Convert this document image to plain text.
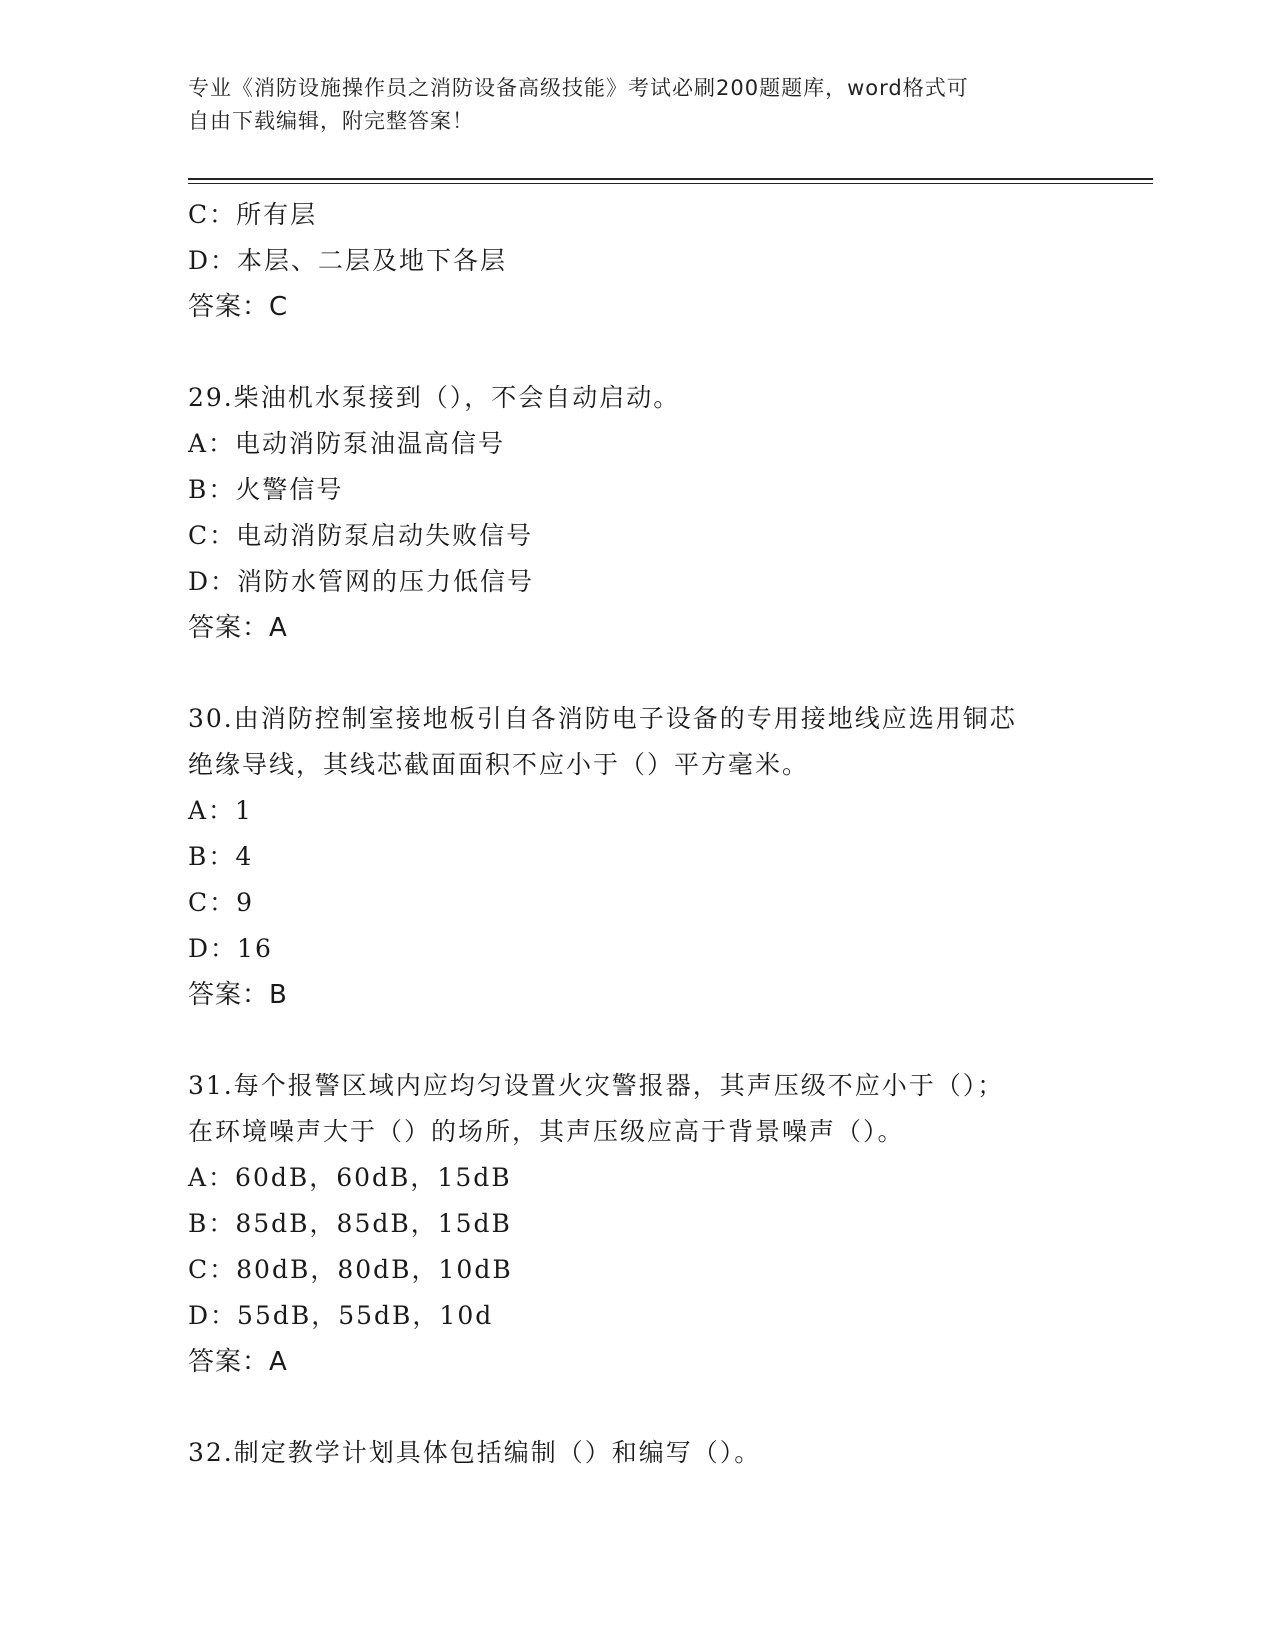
专业《消防设施操作员之消防设备高级技能》考试必刷200题题库，word格式可
自由下载编辑，附完整答案！
C：所有层
D：本层、二层及地下各层
答案：C
29.柴油机水泵接到（），不会自动启动。
A：电动消防泵油温高信号
B：火警信号
C：电动消防泵启动失败信号
D：消防水管网的压力低信号
答案：A
30.由消防控制室接地板引自各消防电子设备的专用接地线应选用铜芯
绝缘导线，其线芯截面面积不应小于（）平方毫米。
A：1
B：4
C：9
D：16
答案：B
31.每个报警区域内应均匀设置火灾警报器，其声压级不应小于（）；
在环境噪声大于（）的场所，其声压级应高于背景噪声（）。
A：60dB，60dB，15dB
B：85dB，85dB，15dB
C：80dB，80dB，10dB
D：55dB，55dB，10d
答案：A
32.制定教学计划具体包括编制（）和编写（）。
